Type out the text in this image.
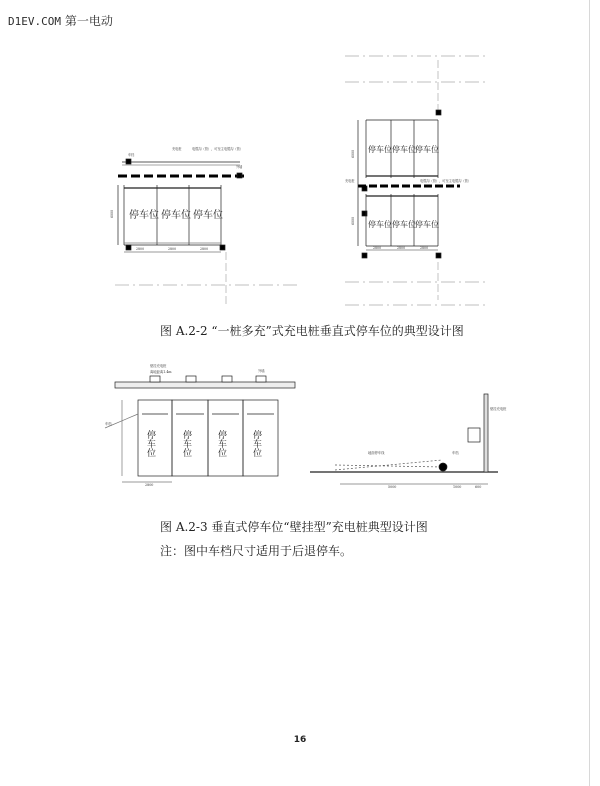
D1EV.COM 第一电动
车档
充电桩	电缆沟（管），可至主电缆沟（管）
外墙
6000
2800	2800	2800
停车位 停车位 停车位
充电桩	电缆沟（管），可至主电缆沟（管）
6000
6000
2800	2800	2800
停车位 停车位 停车位
停车位 停车位 停车位
图 A.2-2 “一桩多充”式充电桩垂直式停车位的典型设计图
壁挂充电桩
离地距离1.4m	外墙
车档
2800
停车位	停车位	停车位	停车位
壁挂充电桩
车档
地面停车线
5000	1000	600
图 A.2-3 垂直式停车位“壁挂型”充电桩典型设计图
注：图中车档尺寸适用于后退停车。
16
